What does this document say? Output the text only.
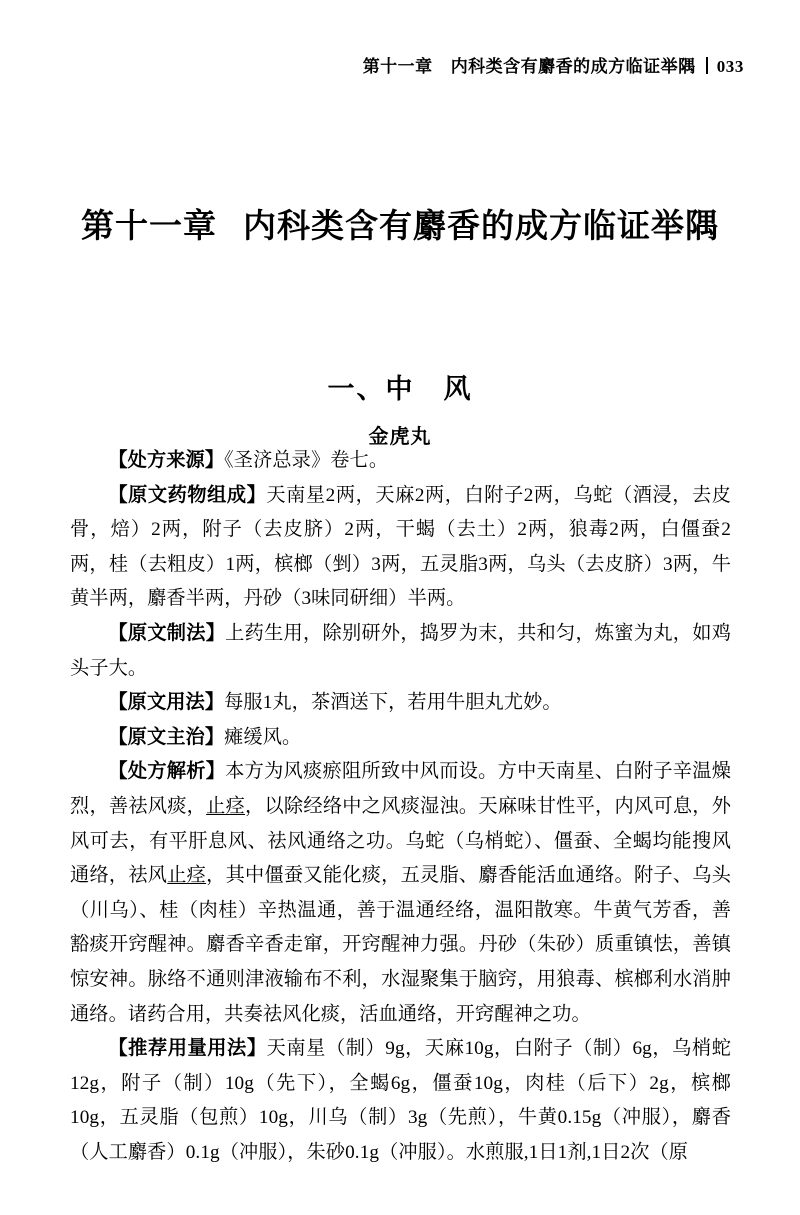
第十一章 内科类含有麝香的成方临证举隅 033
第十一章 内科类含有麝香的成方临证举隅
一、中　风
金虎丸

【处方来源】《圣济总录》卷七。

【原文药物组成】天南星2两，天麻2两，白附子2两，乌蛇（酒浸，去皮骨，焙）2两，附子（去皮脐）2两，干蝎（去土）2两，狼毒2两，白僵蚕2两，桂（去粗皮）1两，槟榔（剉）3两，五灵脂3两，乌头（去皮脐）3两，牛黄半两，麝香半两，丹砂（3味同研细）半两。

【原文制法】上药生用，除别研外，捣罗为末，共和匀，炼蜜为丸，如鸡头子大。

【原文用法】每服1丸，茶酒送下，若用牛胆丸尤妙。

【原文主治】瘫缓风。

【处方解析】本方为风痰瘀阻所致中风而设。方中天南星、白附子辛温燥烈，善祛风痰，止痉，以除经络中之风痰湿浊。天麻味甘性平，内风可息，外风可去，有平肝息风、祛风通络之功。乌蛇（乌梢蛇）、僵蚕、全蝎均能搜风通络，祛风止痉，其中僵蚕又能化痰，五灵脂、麝香能活血通络。附子、乌头（川乌）、桂（肉桂）辛热温通，善于温通经络，温阳散寒。牛黄气芳香，善豁痰开窍醒神。麝香辛香走窜，开窍醒神力强。丹砂（朱砂）质重镇怯，善镇惊安神。脉络不通则津液输布不利，水湿聚集于脑窍，用狼毒、槟榔利水消肿通络。诸药合用，共奏祛风化痰，活血通络，开窍醒神之功。

【推荐用量用法】天南星（制）9g，天麻10g，白附子（制）6g，乌梢蛇12g，附子（制）10g（先下），全蝎6g，僵蚕10g，肉桂（后下）2g，槟榔10g，五灵脂（包煎）10g，川乌（制）3g（先煎），牛黄0.15g（冲服），麝香（人工麝香）0.1g（冲服），朱砂0.1g（冲服）。水煎服,1日1剂,1日2次（原
